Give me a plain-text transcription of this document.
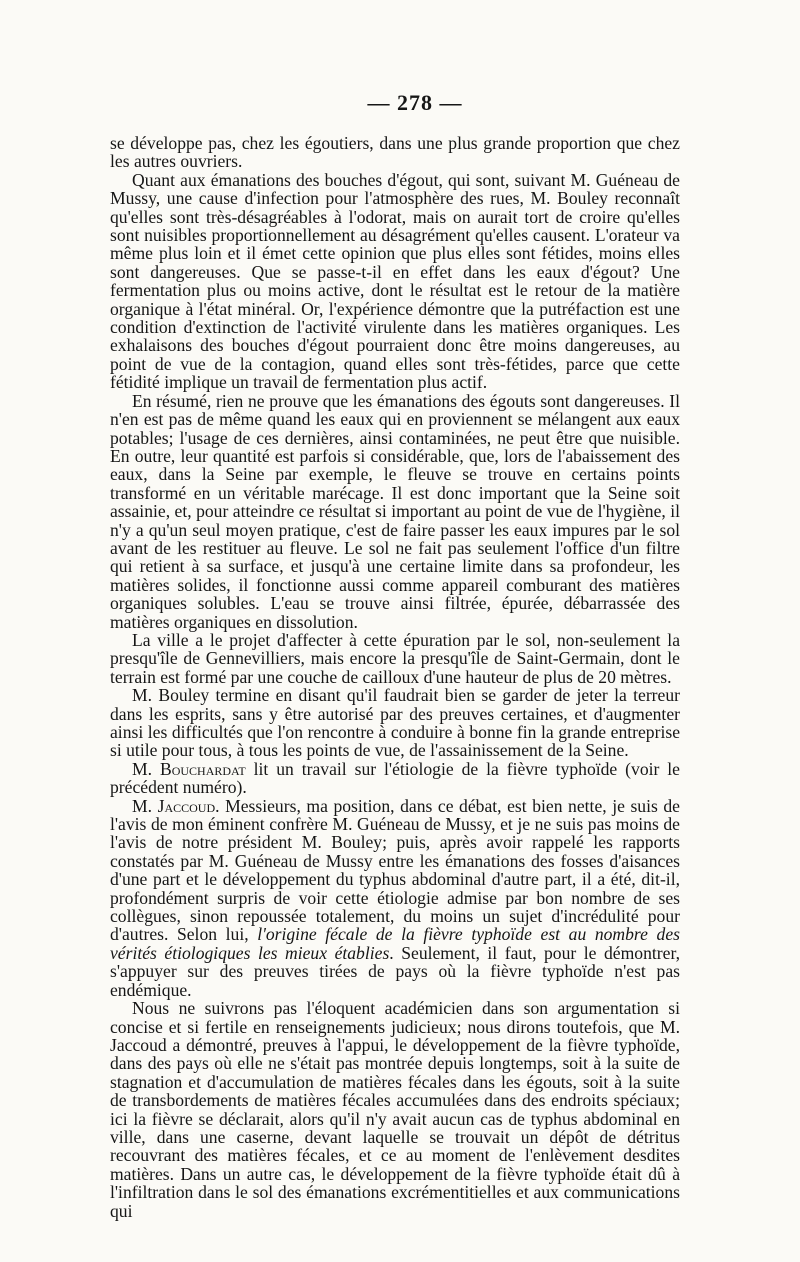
— 278 —

se développe pas, chez les égoutiers, dans une plus grande proportion que chez les autres ouvriers.

Quant aux émanations des bouches d'égout, qui sont, suivant M. Guéneau de Mussy, une cause d'infection pour l'atmosphère des rues, M. Bouley reconnaît qu'elles sont très-désagréables à l'odorat, mais on aurait tort de croire qu'elles sont nuisibles proportionnellement au désagrément qu'elles causent. L'orateur va même plus loin et il émet cette opinion que plus elles sont fétides, moins elles sont dangereuses. Que se passe-t-il en effet dans les eaux d'égout? Une fermentation plus ou moins active, dont le résultat est le retour de la matière organique à l'état minéral. Or, l'expérience démontre que la putréfaction est une condition d'extinction de l'activité virulente dans les matières organiques. Les exhalaisons des bouches d'égout pourraient donc être moins dangereuses, au point de vue de la contagion, quand elles sont très-fétides, parce que cette fétidité implique un travail de fermentation plus actif.

En résumé, rien ne prouve que les émanations des égouts sont dangereuses. Il n'en est pas de même quand les eaux qui en proviennent se mélangent aux eaux potables; l'usage de ces dernières, ainsi contaminées, ne peut être que nuisible. En outre, leur quantité est parfois si considérable, que, lors de l'abaissement des eaux, dans la Seine par exemple, le fleuve se trouve en certains points transformé en un véritable marécage. Il est donc important que la Seine soit assainie, et, pour atteindre ce résultat si important au point de vue de l'hygiène, il n'y a qu'un seul moyen pratique, c'est de faire passer les eaux impures par le sol avant de les restituer au fleuve. Le sol ne fait pas seulement l'office d'un filtre qui retient à sa surface, et jusqu'à une certaine limite dans sa profondeur, les matières solides, il fonctionne aussi comme appareil comburant des matières organiques solubles. L'eau se trouve ainsi filtrée, épurée, débarrassée des matières organiques en dissolution.

La ville a le projet d'affecter à cette épuration par le sol, non-seulement la presqu'île de Gennevilliers, mais encore la presqu'île de Saint-Germain, dont le terrain est formé par une couche de cailloux d'une hauteur de plus de 20 mètres.

M. Bouley termine en disant qu'il faudrait bien se garder de jeter la terreur dans les esprits, sans y être autorisé par des preuves certaines, et d'augmenter ainsi les difficultés que l'on rencontre à conduire à bonne fin la grande entreprise si utile pour tous, à tous les points de vue, de l'assainissement de la Seine.

M. Bouchardat lit un travail sur l'étiologie de la fièvre typhoïde (voir le précédent numéro).

M. Jaccoud. Messieurs, ma position, dans ce débat, est bien nette, je suis de l'avis de mon éminent confrère M. Guéneau de Mussy, et je ne suis pas moins de l'avis de notre président M. Bouley; puis, après avoir rappelé les rapports constatés par M. Guéneau de Mussy entre les émanations des fosses d'aisances d'une part et le développement du typhus abdominal d'autre part, il a été, dit-il, profondément surpris de voir cette étiologie admise par bon nombre de ses collègues, sinon repoussée totalement, du moins un sujet d'incrédulité pour d'autres. Selon lui, l'origine fécale de la fièvre typhoïde est au nombre des vérités étiologiques les mieux établies. Seulement, il faut, pour le démontrer, s'appuyer sur des preuves tirées de pays où la fièvre typhoïde n'est pas endémique.

Nous ne suivrons pas l'éloquent académicien dans son argumentation si concise et si fertile en renseignements judicieux; nous dirons toutefois, que M. Jaccoud a démontré, preuves à l'appui, le développement de la fièvre typhoïde, dans des pays où elle ne s'était pas montrée depuis longtemps, soit à la suite de stagnation et d'accumulation de matières fécales dans les égouts, soit à la suite de transbordements de matières fécales accumulées dans des endroits spéciaux; ici la fièvre se déclarait, alors qu'il n'y avait aucun cas de typhus abdominal en ville, dans une caserne, devant laquelle se trouvait un dépôt de détritus recouvrant des matières fécales, et ce au moment de l'enlèvement desdites matières. Dans un autre cas, le développement de la fièvre typhoïde était dû à l'infiltration dans le sol des émanations excrémentitielles et aux communications qui
